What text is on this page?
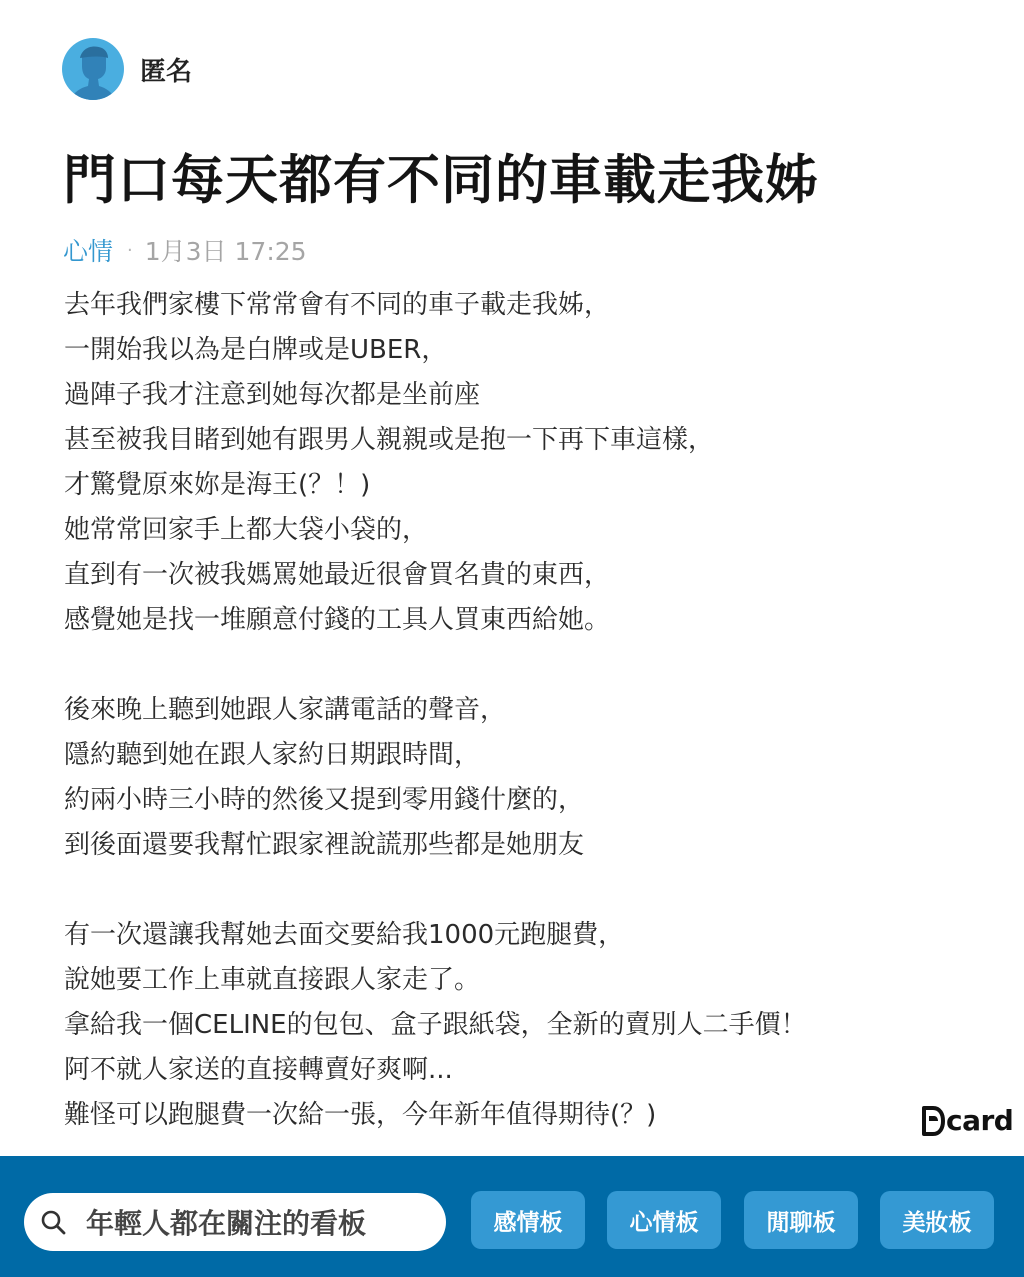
匿名
門口每天都有不同的車載走我姊
心情 · 1月3日 17:25
去年我們家樓下常常會有不同的車子載走我姊，
一開始我以為是白牌或是UBER，
過陣子我才注意到她每次都是坐前座
甚至被我目睹到她有跟男人親親或是抱一下再下車這樣，
才驚覺原來妳是海王(？！)
她常常回家手上都大袋小袋的，
直到有一次被我媽罵她最近很會買名貴的東西，
感覺她是找一堆願意付錢的工具人買東西給她。
後來晚上聽到她跟人家講電話的聲音，
隱約聽到她在跟人家約日期跟時間，
約兩小時三小時的然後又提到零用錢什麼的，
到後面還要我幫忙跟家裡說謊那些都是她朋友
有一次還讓我幫她去面交要給我1000元跑腿費，
說她要工作上車就直接跟人家走了。
拿給我一個CELINE的包包、盒子跟紙袋，全新的賣別人二手價！
阿不就人家送的直接轉賣好爽啊...
難怪可以跑腿費一次給一張，今年新年值得期待(？)	card
年輕人都在關注的看板	感情板	心情板	閒聊板	美妝板
